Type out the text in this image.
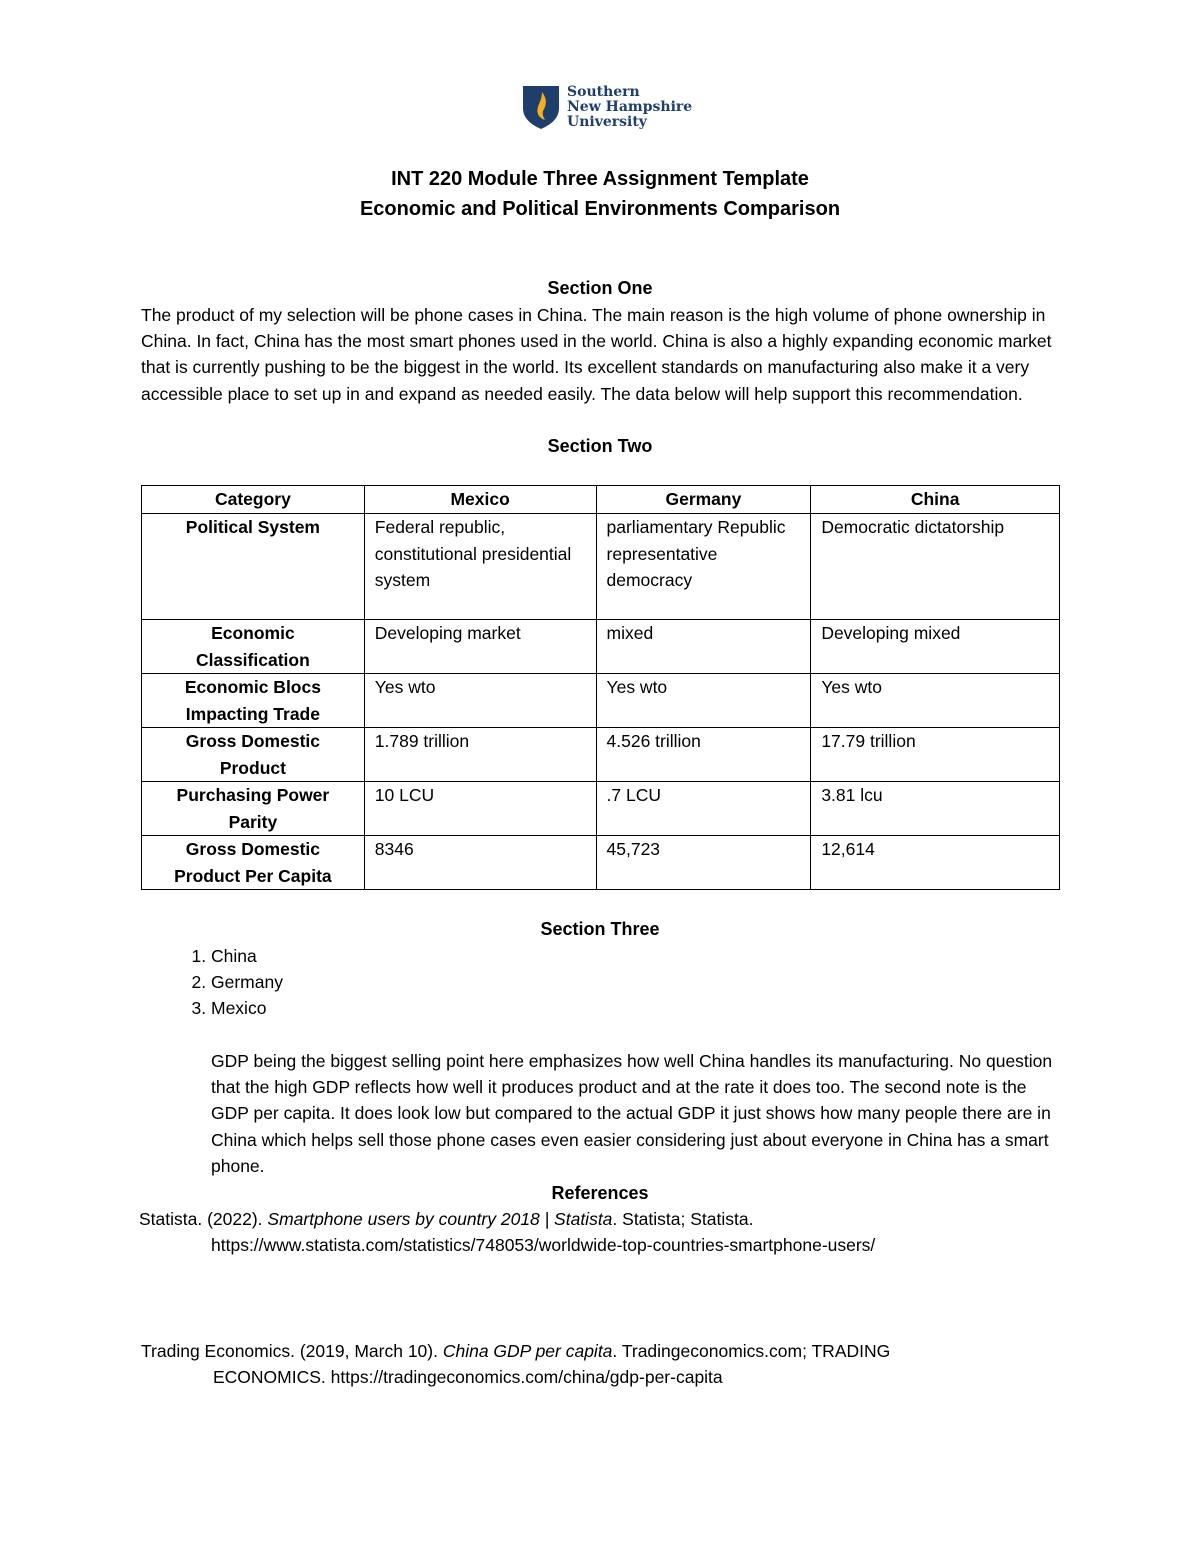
Southern
New Hampshire
University
INT 220 Module Three Assignment Template
Economic and Political Environments Comparison
Section One
The product of my selection will be phone cases in China. The main reason is the high volume of phone ownership in China. In fact, China has the most smart phones used in the world. China is also a highly expanding economic market that is currently pushing to be the biggest in the world. Its excellent standards on manufacturing also make it a very accessible place to set up in and expand as needed easily. The data below will help support this recommendation.
Section Two
Category	Mexico	Germany	China
Political System	Federal republic, constitutional presidential system	parliamentary Republic representative democracy	Democratic dictatorship
Economic Classification	Developing market	mixed	Developing mixed
Economic Blocs Impacting Trade	Yes wto	Yes wto	Yes wto
Gross Domestic Product	1.789 trillion	4.526 trillion	17.79 trillion
Purchasing Power Parity	10 LCU	.7 LCU	3.81 lcu
Gross Domestic Product Per Capita	8346	45,723	12,614
Section Three
1. China
2. Germany
3. Mexico
GDP being the biggest selling point here emphasizes how well China handles its manufacturing. No question that the high GDP reflects how well it produces product and at the rate it does too. The second note is the GDP per capita. It does look low but compared to the actual GDP it just shows how many people there are in China which helps sell those phone cases even easier considering just about everyone in China has a smart phone.
References
Statista. (2022). Smartphone users by country 2018 | Statista. Statista; Statista.
https://www.statista.com/statistics/748053/worldwide-top-countries-smartphone-users/
Trading Economics. (2019, March 10). China GDP per capita. Tradingeconomics.com; TRADING
ECONOMICS. https://tradingeconomics.com/china/gdp-per-capita
